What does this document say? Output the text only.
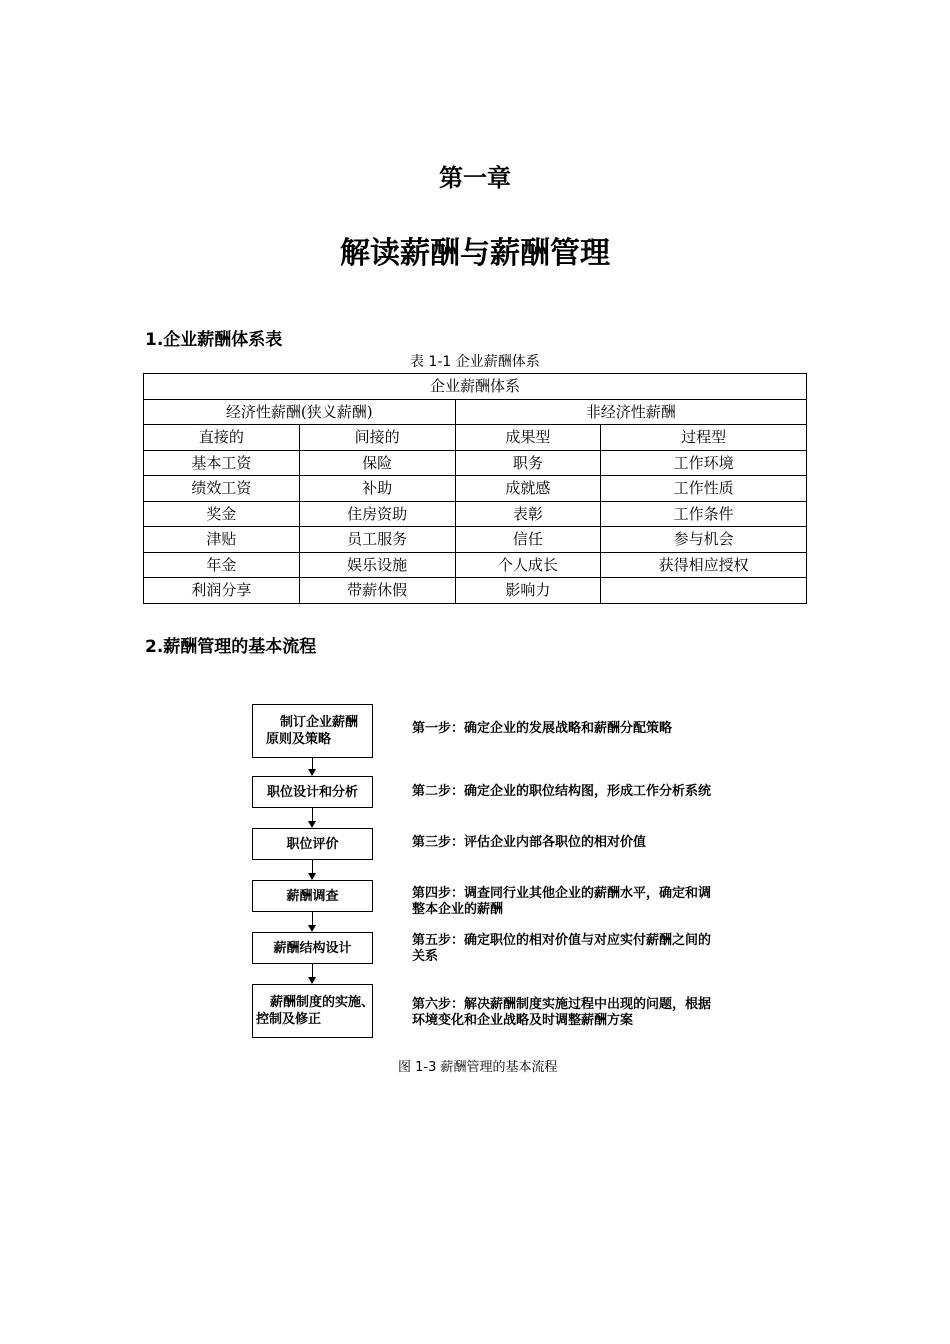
第一章
解读薪酬与薪酬管理
1.企业薪酬体系表
表 1-1 企业薪酬体系
企业薪酬体系			
经济性薪酬(狭义薪酬)		非经济性薪酬	
直接的	间接的	成果型	过程型
基本工资	保险	职务	工作环境
绩效工资	补助	成就感	工作性质
奖金	住房资助	表彰	工作条件
津贴	员工服务	信任	参与机会
年金	娱乐设施	个人成长	获得相应授权
利润分享	带薪休假	影响力	
2.薪酬管理的基本流程
制订企业薪酬
原则及策略
职位设计和分析
职位评价
薪酬调查
薪酬结构设计
薪酬制度的实施、
控制及修正
第一步：确定企业的发展战略和薪酬分配策略
第二步：确定企业的职位结构图，形成工作分析系统
第三步：评估企业内部各职位的相对价值
第四步：调查同行业其他企业的薪酬水平，确定和调
整本企业的薪酬
第五步：确定职位的相对价值与对应实付薪酬之间的
关系
第六步：解决薪酬制度实施过程中出现的问题，根据
环境变化和企业战略及时调整薪酬方案
图 1-3 薪酬管理的基本流程
